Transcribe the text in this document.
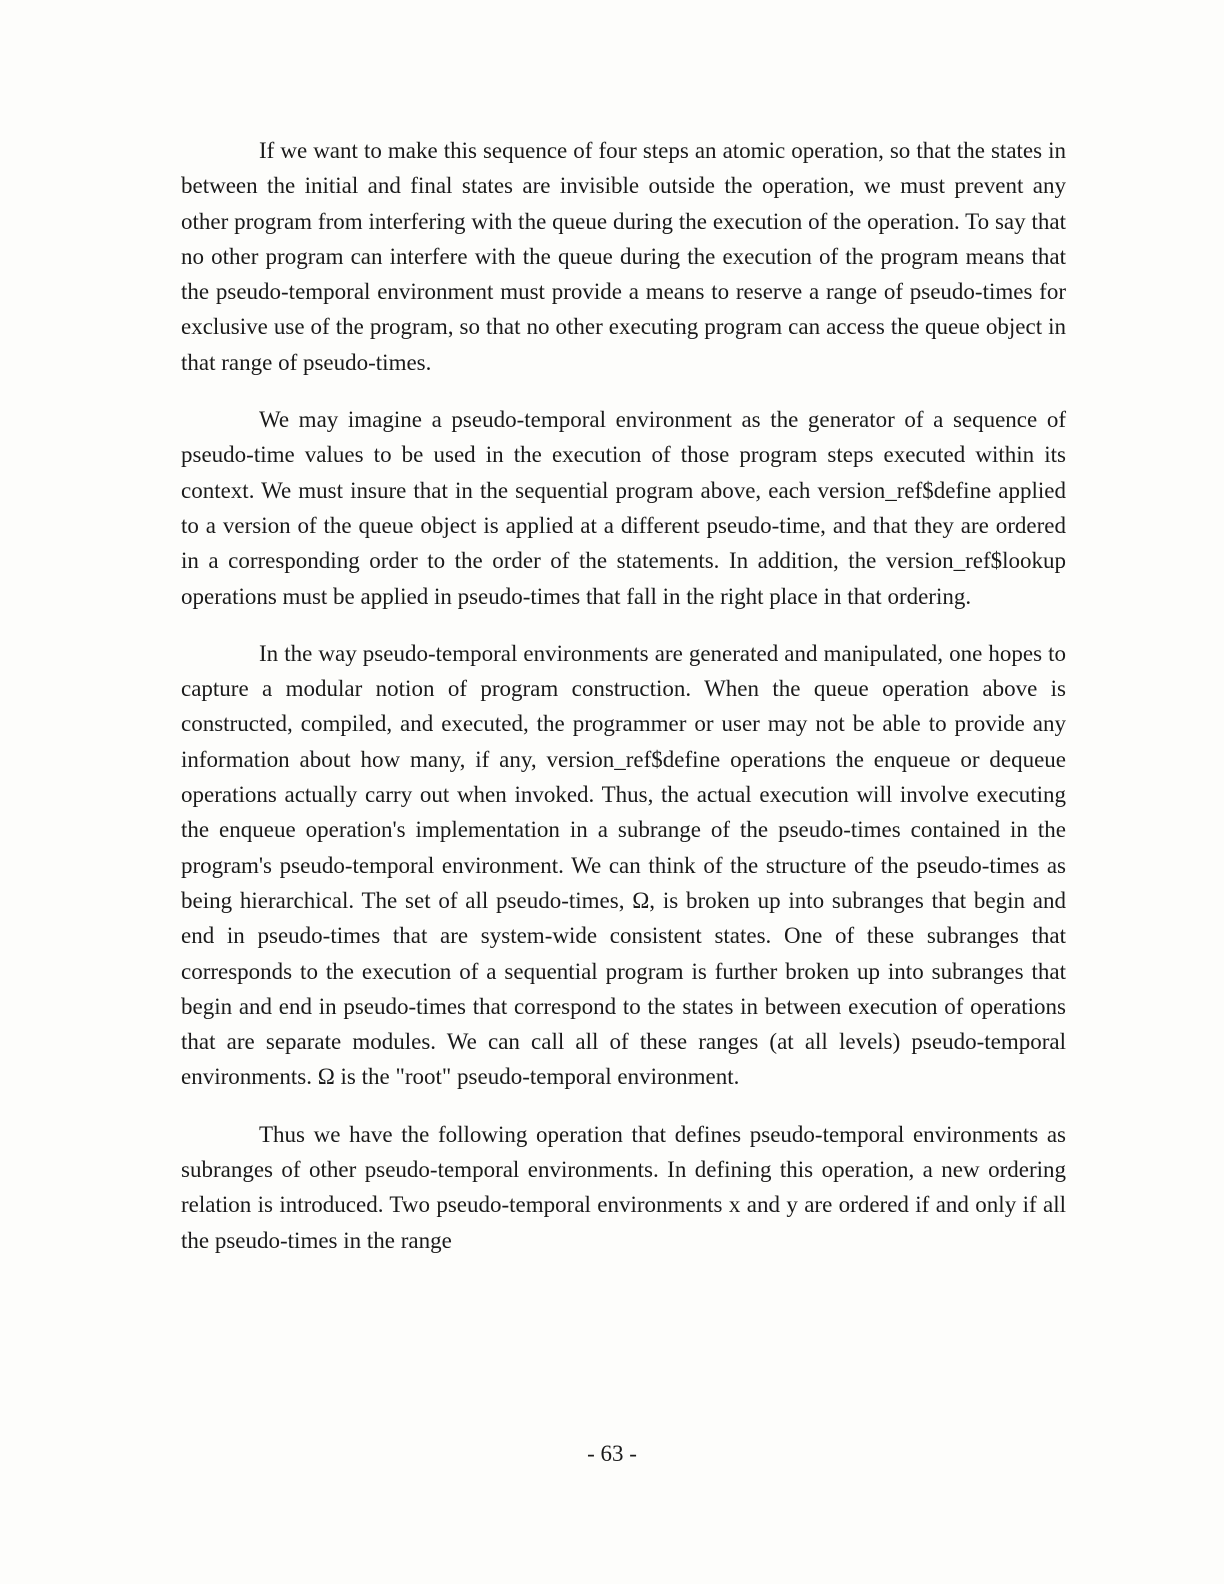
If we want to make this sequence of four steps an atomic operation, so that the states in between the initial and final states are invisible outside the operation, we must prevent any other program from interfering with the queue during the execution of the operation. To say that no other program can interfere with the queue during the execution of the program means that the pseudo-temporal environment must provide a means to reserve a range of pseudo-times for exclusive use of the program, so that no other executing program can access the queue object in that range of pseudo-times.

We may imagine a pseudo-temporal environment as the generator of a sequence of pseudo-time values to be used in the execution of those program steps executed within its context. We must insure that in the sequential program above, each version_ref$define applied to a version of the queue object is applied at a different pseudo-time, and that they are ordered in a corresponding order to the order of the statements. In addition, the version_ref$lookup operations must be applied in pseudo-times that fall in the right place in that ordering.

In the way pseudo-temporal environments are generated and manipulated, one hopes to capture a modular notion of program construction. When the queue operation above is constructed, compiled, and executed, the programmer or user may not be able to provide any information about how many, if any, version_ref$define operations the enqueue or dequeue operations actually carry out when invoked. Thus, the actual execution will involve executing the enqueue operation's implementation in a subrange of the pseudo-times contained in the program's pseudo-temporal environment. We can think of the structure of the pseudo-times as being hierarchical. The set of all pseudo-times, Ω, is broken up into subranges that begin and end in pseudo-times that are system-wide consistent states. One of these subranges that corresponds to the execution of a sequential program is further broken up into subranges that begin and end in pseudo-times that correspond to the states in between execution of operations that are separate modules. We can call all of these ranges (at all levels) pseudo-temporal environments. Ω is the "root" pseudo-temporal environment.

Thus we have the following operation that defines pseudo-temporal environments as subranges of other pseudo-temporal environments. In defining this operation, a new ordering relation is introduced. Two pseudo-temporal environments x and y are ordered if and only if all the pseudo-times in the range

- 63 -
